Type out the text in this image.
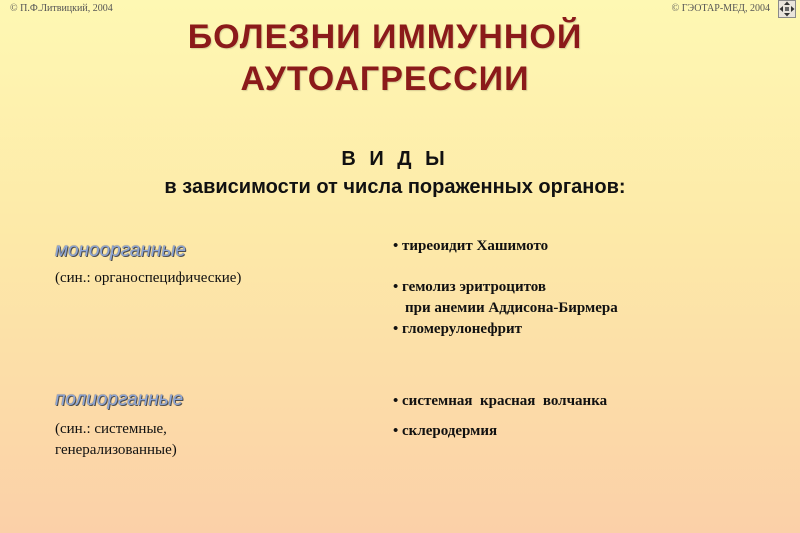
© П.Ф.Литвицкий, 2004	© ГЭОТАР-МЕД, 2004
БОЛЕЗНИ ИММУННОЙ
АУТОАГРЕССИИ
В И Д Ы
в зависимости от числа пораженных органов:
моноорганные
(син.: органоспецифические)
• тиреоидит Хашимото
• гемолиз эритроцитов
при анемии Аддисона-Бирмера
• гломерулонефрит
полиорганные
(син.: системные,
генерализованные)
• системная  красная  волчанка
• склеродермия
